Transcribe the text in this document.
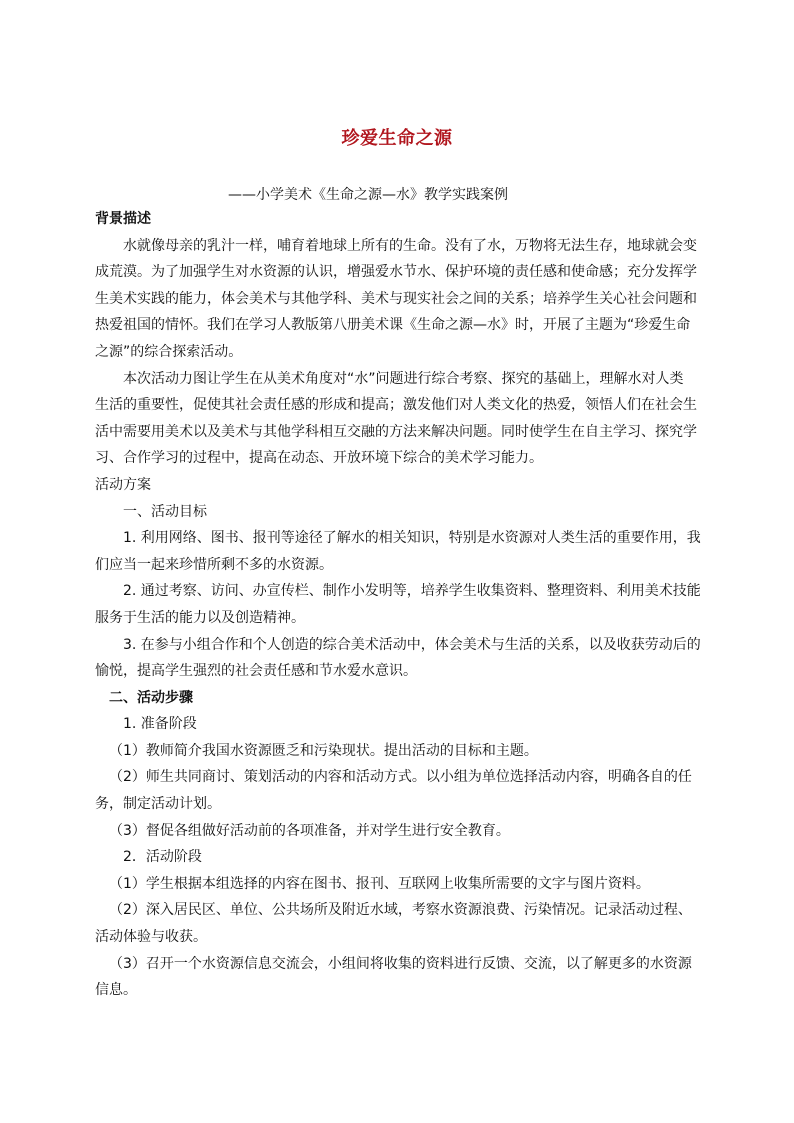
珍爱生命之源
——小学美术《生命之源—水》教学实践案例
背景描述
水就像母亲的乳汁一样，哺育着地球上所有的生命。没有了水，万物将无法生存，地球就会变
成荒漠。为了加强学生对水资源的认识，增强爱水节水、保护环境的责任感和使命感；充分发挥学
生美术实践的能力，体会美术与其他学科、美术与现实社会之间的关系；培养学生关心社会问题和
热爱祖国的情怀。我们在学习人教版第八册美术课《生命之源—水》时，开展了主题为“珍爱生命
之源”的综合探索活动。
本次活动力图让学生在从美术角度对“水”问题进行综合考察、探究的基础上，理解水对人类
生活的重要性，促使其社会责任感的形成和提高；激发他们对人类文化的热爱，领悟人们在社会生
活中需要用美术以及美术与其他学科相互交融的方法来解决问题。同时使学生在自主学习、探究学
习、合作学习的过程中，提高在动态、开放环境下综合的美术学习能力。
活动方案
一、活动目标
1. 利用网络、图书、报刊等途径了解水的相关知识，特别是水资源对人类生活的重要作用，我
们应当一起来珍惜所剩不多的水资源。
2. 通过考察、访问、办宣传栏、制作小发明等，培养学生收集资料、整理资料、利用美术技能
服务于生活的能力以及创造精神。
3. 在参与小组合作和个人创造的综合美术活动中，体会美术与生活的关系，以及收获劳动后的
愉悦，提高学生强烈的社会责任感和节水爱水意识。
二、活动步骤
1. 准备阶段
（1）教师简介我国水资源匮乏和污染现状。提出活动的目标和主题。
（2）师生共同商讨、策划活动的内容和活动方式。以小组为单位选择活动内容，明确各自的任
务，制定活动计划。
（3）督促各组做好活动前的各项准备，并对学生进行安全教育。
2．活动阶段
（1）学生根据本组选择的内容在图书、报刊、互联网上收集所需要的文字与图片资料。
（2）深入居民区、单位、公共场所及附近水域，考察水资源浪费、污染情况。记录活动过程、
活动体验与收获。
（3）召开一个水资源信息交流会，小组间将收集的资料进行反馈、交流，以了解更多的水资源
信息。
